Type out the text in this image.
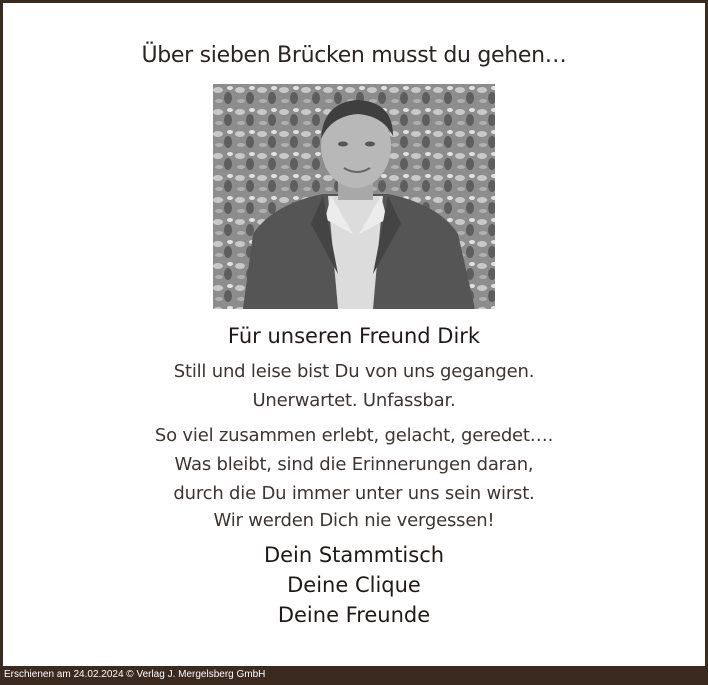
Über sieben Brücken musst du gehen…
Für unseren Freund Dirk
Still und leise bist Du von uns gegangen.
Unerwartet. Unfassbar.
So viel zusammen erlebt, gelacht, geredet….
Was bleibt, sind die Erinnerungen daran,
durch die Du immer unter uns sein wirst.
Wir werden Dich nie vergessen!
Dein Stammtisch
Deine Clique
Deine Freunde
Erschienen am 24.02.2024 © Verlag J. Mergelsberg GmbH
